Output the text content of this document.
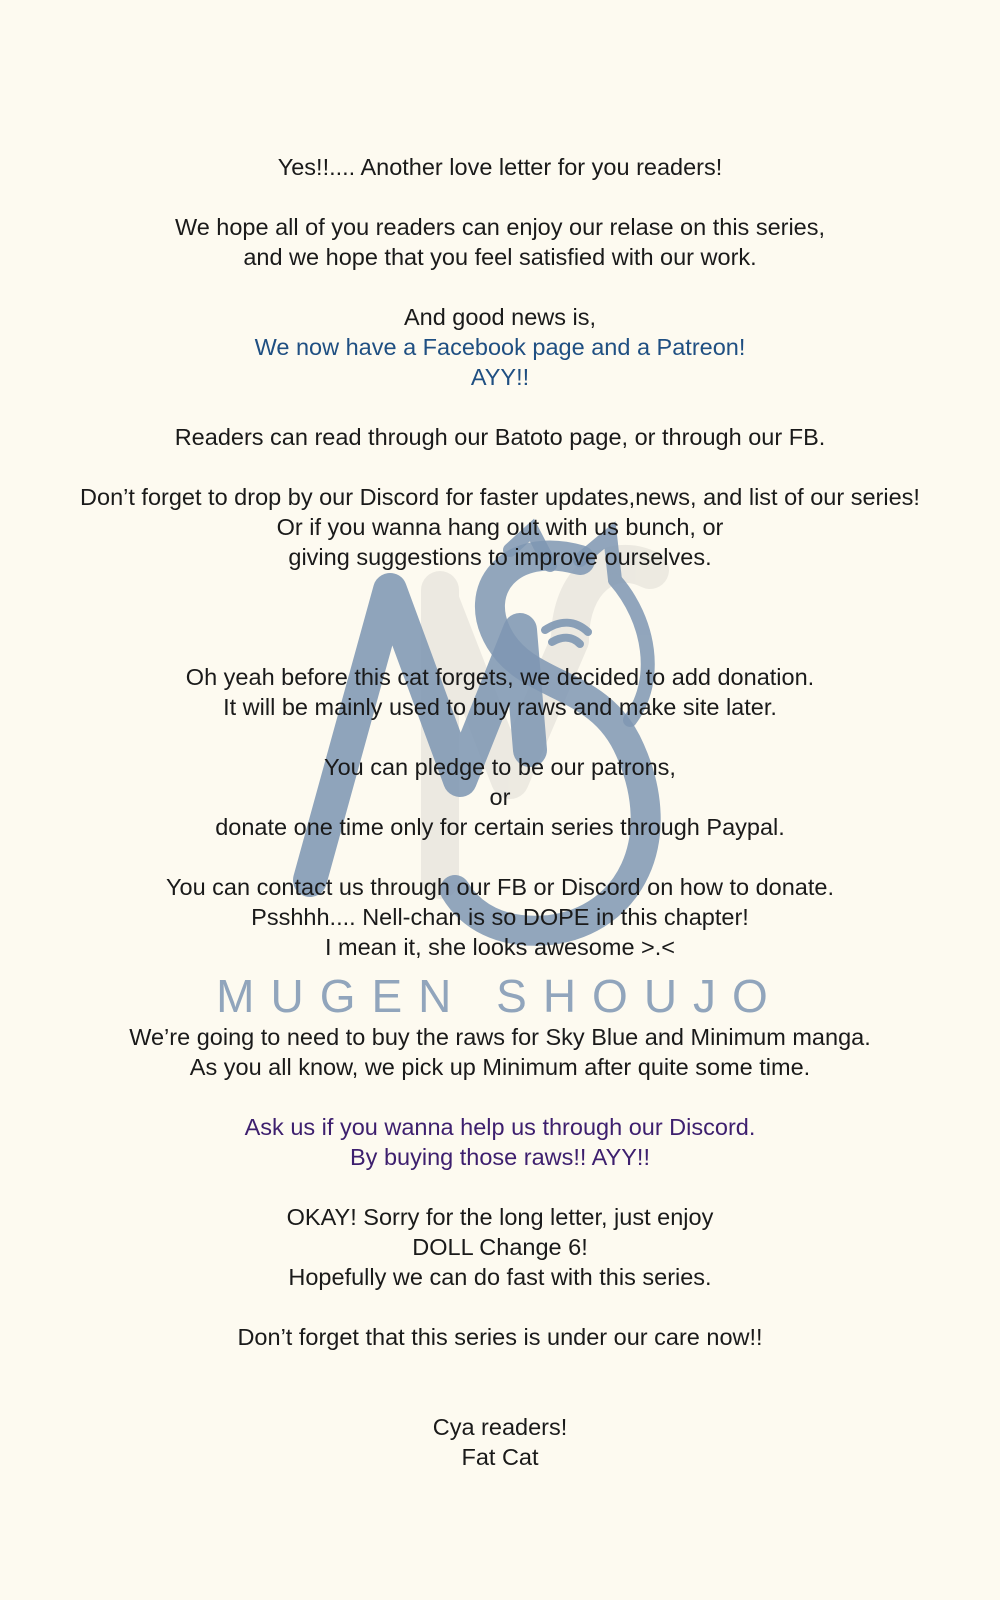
MUGEN SHOUJO
Yes!!.... Another love letter for you readers!
We hope all of you readers can enjoy our relase on this series,
and we hope that you feel satisfied with our work.
And good news is,
We now have a Facebook page and a Patreon!
AYY!!
Readers can read through our Batoto page, or through our FB.
Don’t forget to drop by our Discord for faster updates,news, and list of our series!
Or if you wanna hang out with us bunch, or
giving suggestions to improve ourselves.
Oh yeah before this cat forgets, we decided to add donation.
It will be mainly used to buy raws and make site later.
You can pledge to be our patrons,
or
donate one time only for certain series through Paypal.
You can contact us through our FB or Discord on how to donate.
Psshhh.... Nell-chan is so DOPE in this chapter!
I mean it, she looks awesome >.<
We’re going to need to buy the raws for Sky Blue and Minimum manga.
As you all know, we pick up Minimum after quite some time.
Ask us if you wanna help us through our Discord.
By buying those raws!! AYY!!
OKAY! Sorry for the long letter, just enjoy
DOLL Change 6!
Hopefully we can do fast with this series.
Don’t forget that this series is under our care now!!
Cya readers!
Fat Cat
